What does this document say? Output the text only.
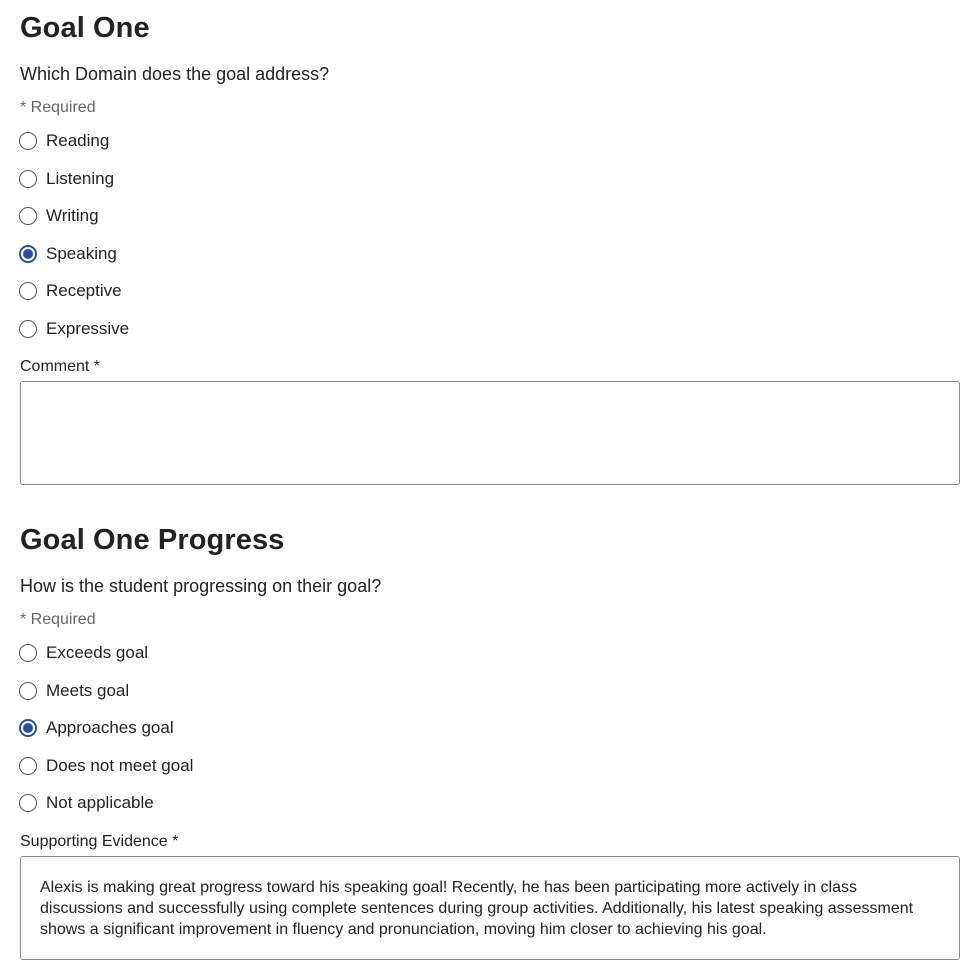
Goal One

Which Domain does the goal address?

* Required

Reading
Listening
Writing
Speaking
Receptive
Expressive

Comment *

Goal One Progress

How is the student progressing on their goal?

* Required

Exceeds goal
Meets goal
Approaches goal
Does not meet goal
Not applicable

Supporting Evidence *

Alexis is making great progress toward his speaking goal! Recently, he has been participating more actively in class discussions and successfully using complete sentences during group activities. Additionally, his latest speaking assessment shows a significant improvement in fluency and pronunciation, moving him closer to achieving his goal.
